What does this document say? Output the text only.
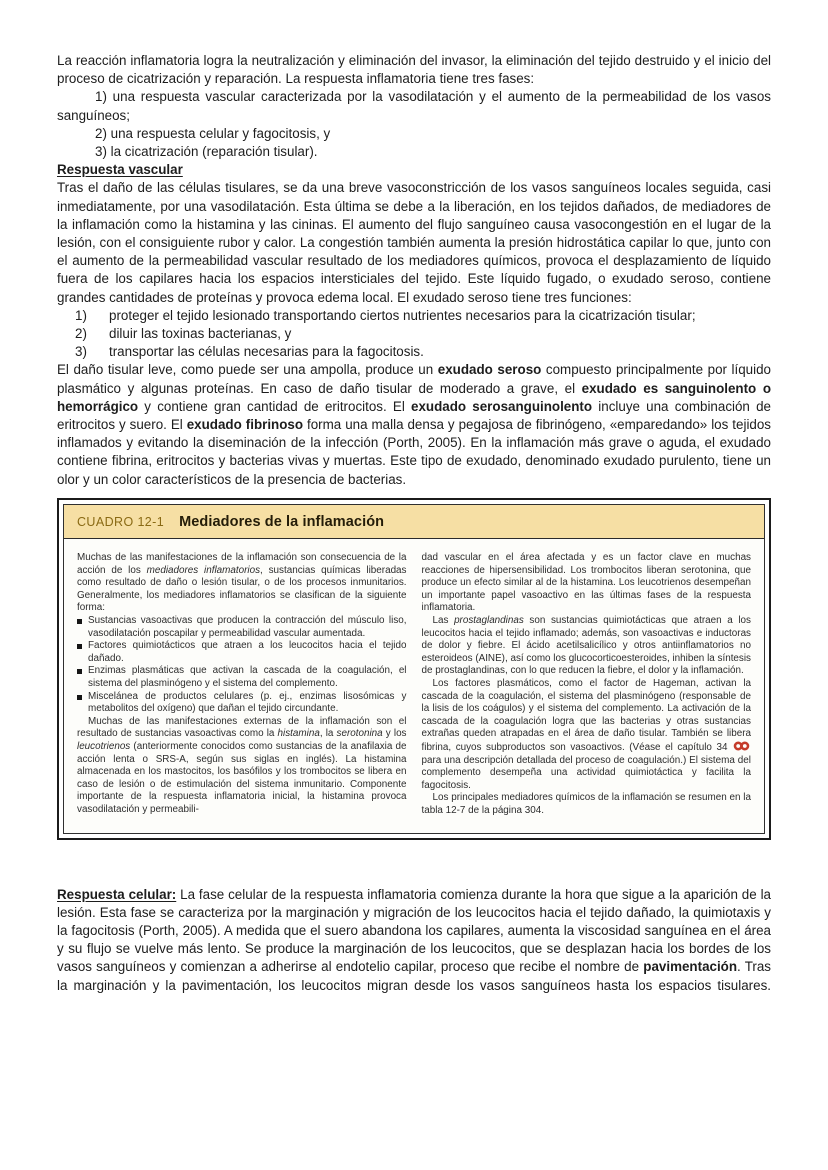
La reacción inflamatoria logra la neutralización y eliminación del invasor, la eliminación del tejido destruido y el inicio del proceso de cicatrización y reparación. La respuesta inflamatoria tiene tres fases:

1) una respuesta vascular caracterizada por la vasodilatación y el aumento de la permeabilidad de los vasos sanguíneos;

2) una respuesta celular y fagocitosis, y

3) la cicatrización (reparación tisular).

Respuesta vascular

Tras el daño de las células tisulares, se da una breve vasoconstricción de los vasos sanguíneos locales seguida, casi inmediatamente, por una vasodilatación. Esta última se debe a la liberación, en los tejidos dañados, de mediadores de la inflamación como la histamina y las cininas. El aumento del flujo sanguíneo causa vasocongestión en el lugar de la lesión, con el consiguiente rubor y calor. La congestión también aumenta la presión hidrostática capilar lo que, junto con el aumento de la permeabilidad vascular resultado de los mediadores químicos, provoca el desplazamiento de líquido fuera de los capilares hacia los espacios intersticiales del tejido. Este líquido fugado, o exudado seroso, contiene grandes cantidades de proteínas y provoca edema local. El exudado seroso tiene tres funciones:

1)	proteger el tejido lesionado transportando ciertos nutrientes necesarios para la cicatrización tisular;
2)	diluir las toxinas bacterianas, y
3)	transportar las células necesarias para la fagocitosis.

El daño tisular leve, como puede ser una ampolla, produce un exudado seroso compuesto principalmente por líquido plasmático y algunas proteínas. En caso de daño tisular de moderado a grave, el exudado es sanguinolento o hemorrágico y contiene gran cantidad de eritrocitos. El exudado serosanguinolento incluye una combinación de eritrocitos y suero. El exudado fibrinoso forma una malla densa y pegajosa de fibrinógeno, «emparedando» los tejidos inflamados y evitando la diseminación de la infección (Porth, 2005). En la inflamación más grave o aguda, el exudado contiene fibrina, eritrocitos y bacterias vivas y muertas. Este tipo de exudado, denominado exudado purulento, tiene un olor y un color característicos de la presencia de bacterias.

CUADRO 12-1 Mediadores de la inflamación

Muchas de las manifestaciones de la inflamación son consecuencia de la acción de los mediadores inflamatorios, sustancias químicas liberadas como resultado de daño o lesión tisular, o de los procesos inmunitarios. Generalmente, los mediadores inflamatorios se clasifican de la siguiente forma:

Sustancias vasoactivas que producen la contracción del músculo liso, vasodilatación poscapilar y permeabilidad vascular aumentada.
Factores quimiotácticos que atraen a los leucocitos hacia el tejido dañado.
Enzimas plasmáticas que activan la cascada de la coagulación, el sistema del plasminógeno y el sistema del complemento.
Miscelánea de productos celulares (p. ej., enzimas lisosómicas y metabolitos del oxígeno) que dañan el tejido circundante.

Muchas de las manifestaciones externas de la inflamación son el resultado de sustancias vasoactivas como la histamina, la serotonina y los leucotrienos (anteriormente conocidos como sustancias de la anafilaxia de acción lenta o SRS-A, según sus siglas en inglés). La histamina almacenada en los mastocitos, los basófilos y los trombocitos se libera en caso de lesión o de estimulación del sistema inmunitario. Componente importante de la respuesta inflamatoria inicial, la histamina provoca vasodilatación y permeabili-

dad vascular en el área afectada y es un factor clave en muchas reacciones de hipersensibilidad. Los trombocitos liberan serotonina, que produce un efecto similar al de la histamina. Los leucotrienos desempeñan un importante papel vasoactivo en las últimas fases de la respuesta inflamatoria.

Las prostaglandinas son sustancias quimiotácticas que atraen a los leucocitos hacia el tejido inflamado; además, son vasoactivas e inductoras de dolor y fiebre. El ácido acetilsalicílico y otros antiinflamatorios no esteroideos (AINE), así como los glucocorticoesteroides, inhiben la síntesis de prostaglandinas, con lo que reducen la fiebre, el dolor y la inflamación.

Los factores plasmáticos, como el factor de Hageman, activan la cascada de la coagulación, el sistema del plasminógeno (responsable de la lisis de los coágulos) y el sistema del complemento. La activación de la cascada de la coagulación logra que las bacterias y otras sustancias extrañas queden atrapadas en el área de daño tisular. También se libera fibrina, cuyos subproductos son vasoactivos. (Véase el capítulo 34  para una descripción detallada del proceso de coagulación.) El sistema del complemento desempeña una actividad quimiotáctica y facilita la fagocitosis.

Los principales mediadores químicos de la inflamación se resumen en la tabla 12-7 de la página 304.

Respuesta celular: La fase celular de la respuesta inflamatoria comienza durante la hora que sigue a la aparición de la lesión. Esta fase se caracteriza por la marginación y migración de los leucocitos hacia el tejido dañado, la quimiotaxis y la fagocitosis (Porth, 2005). A medida que el suero abandona los capilares, aumenta la viscosidad sanguínea en el área y su flujo se vuelve más lento. Se produce la marginación de los leucocitos, que se desplazan hacia los bordes de los vasos sanguíneos y comienzan a adherirse al endotelio capilar, proceso que recibe el nombre de pavimentación. Tras la marginación y la pavimentación, los leucocitos migran desde los vasos sanguíneos hasta los espacios tisulares.
